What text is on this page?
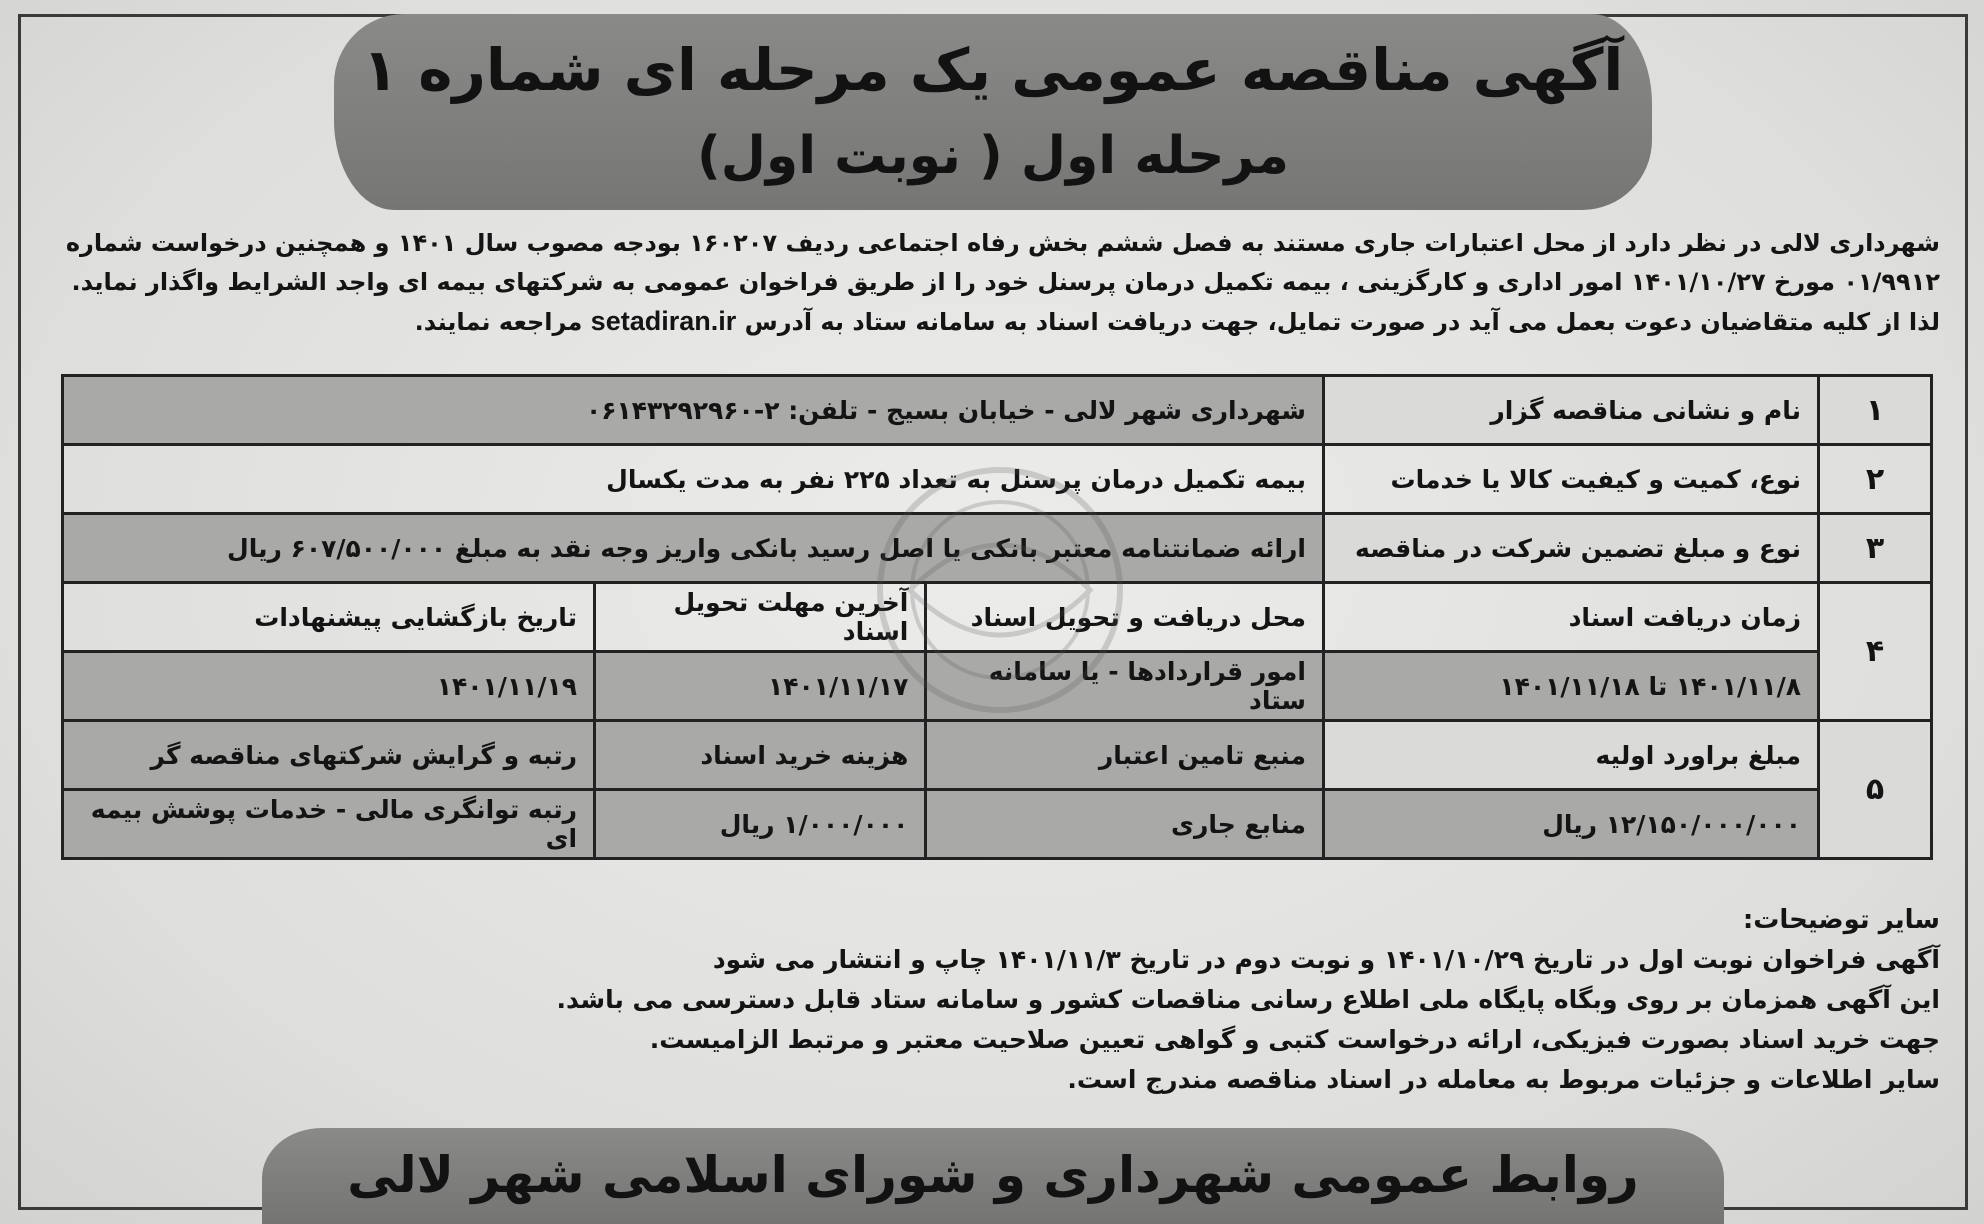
آگهی مناقصه عمومی یک مرحله ای شماره ۱
مرحله اول ( نوبت اول)

شهرداری لالی در نظر دارد از محل اعتبارات جاری مستند به فصل ششم بخش رفاه اجتماعی ردیف ۱۶۰۲۰۷ بودجه مصوب سال ۱۴۰۱ و همچنین درخواست شماره

۰۱/۹۹۱۲ مورخ ۱۴۰۱/۱۰/۲۷ امور اداری و کارگزینی ، بیمه تکمیل درمان پرسنل خود را از طریق فراخوان عمومی به شرکتهای بیمه ای واجد الشرایط واگذار نماید.

لذا از کلیه متقاضیان دعوت بعمل می آید در صورت تمایل، جهت دریافت اسناد به سامانه ستاد به آدرس setadiran.ir مراجعه نمایند.

۱	نام و نشانی مناقصه گزار	شهرداری شهر لالی - خیابان بسیج - تلفن: ۲-۰۶۱۴۳۲۹۲۹۶۰		
۲	نوع، کمیت و کیفیت کالا یا خدمات	بیمه تکمیل درمان پرسنل به تعداد ۲۲۵ نفر به مدت یکسال		
۳	نوع و مبلغ تضمین شرکت در مناقصه	ارائه ضمانتنامه معتبر بانکی یا اصل رسید بانکی واریز وجه نقد به مبلغ ۶۰۷/۵۰۰/۰۰۰ ریال		
۴	زمان دریافت اسناد	محل دریافت و تحویل اسناد	آخرین مهلت تحویل اسناد	تاریخ بازگشایی پیشنهادات
	۱۴۰۱/۱۱/۸ تا ۱۴۰۱/۱۱/۱۸	امور قراردادها - یا سامانه ستاد	۱۴۰۱/۱۱/۱۷	۱۴۰۱/۱۱/۱۹
۵	مبلغ براورد اولیه	منبع تامین اعتبار	هزینه خرید اسناد	رتبه و گرایش شرکتهای مناقصه گر
	۱۲/۱۵۰/۰۰۰/۰۰۰ ریال	منابع جاری	۱/۰۰۰/۰۰۰ ریال	رتبه توانگری مالی - خدمات پوشش بیمه ای
سایر توضیحات:
آگهی فراخوان نوبت اول در تاریخ ۱۴۰۱/۱۰/۲۹ و نوبت دوم در تاریخ ۱۴۰۱/۱۱/۳ چاپ و انتشار می شود
این آگهی همزمان بر روی وبگاه پایگاه ملی اطلاع رسانی مناقصات کشور و سامانه ستاد قابل دسترسی می باشد.
جهت خرید اسناد بصورت فیزیکی، ارائه درخواست کتبی و گواهی تعیین صلاحیت معتبر و مرتبط الزامیست.
سایر اطلاعات و جزئیات مربوط به معامله در اسناد مناقصه مندرج است.
روابط عمومی شهرداری و شورای اسلامی شهر لالی
